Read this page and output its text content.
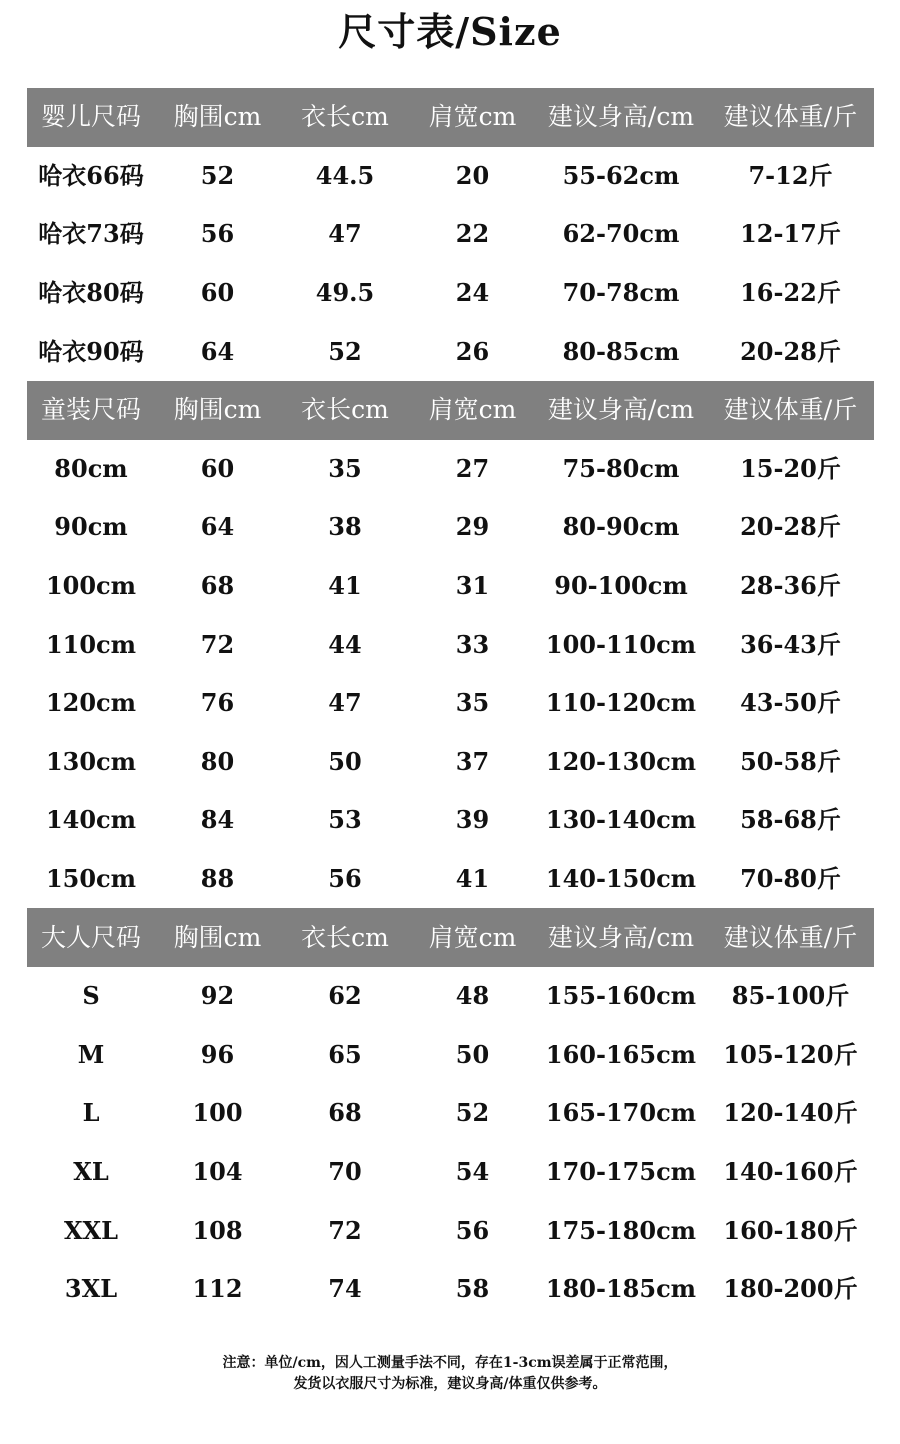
尺寸表/Size
婴儿尺码	胸围cm	衣长cm	肩宽cm	建议身高/cm	建议体重/斤
哈衣66码	52	44.5	20	55-62cm	7-12斤
哈衣73码	56	47	22	62-70cm	12-17斤
哈衣80码	60	49.5	24	70-78cm	16-22斤
哈衣90码	64	52	26	80-85cm	20-28斤
童装尺码	胸围cm	衣长cm	肩宽cm	建议身高/cm	建议体重/斤
80cm	60	35	27	75-80cm	15-20斤
90cm	64	38	29	80-90cm	20-28斤
100cm	68	41	31	90-100cm	28-36斤
110cm	72	44	33	100-110cm	36-43斤
120cm	76	47	35	110-120cm	43-50斤
130cm	80	50	37	120-130cm	50-58斤
140cm	84	53	39	130-140cm	58-68斤
150cm	88	56	41	140-150cm	70-80斤
大人尺码	胸围cm	衣长cm	肩宽cm	建议身高/cm	建议体重/斤
S	92	62	48	155-160cm	85-100斤
M	96	65	50	160-165cm	105-120斤
L	100	68	52	165-170cm	120-140斤
XL	104	70	54	170-175cm	140-160斤
XXL	108	72	56	175-180cm	160-180斤
3XL	112	74	58	180-185cm	180-200斤
注意：单位/cm，因人工测量手法不同，存在1-3cm误差属于正常范围，
发货以衣服尺寸为标准，建议身高/体重仅供参考。
